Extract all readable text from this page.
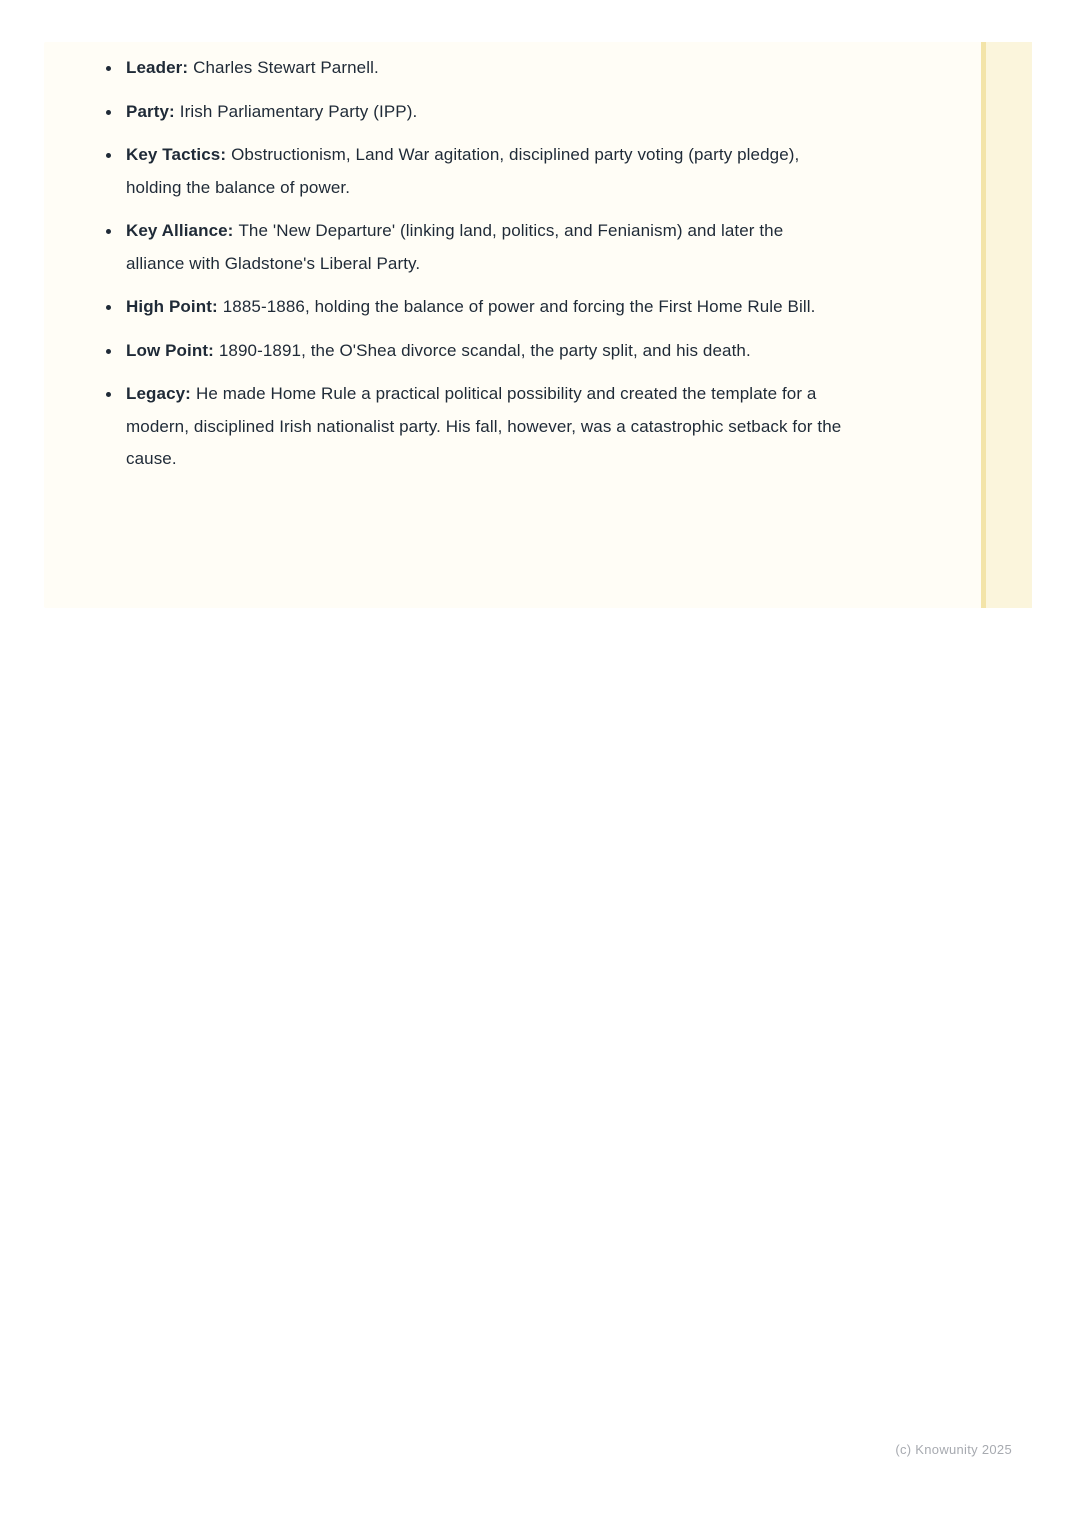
Leader: Charles Stewart Parnell.

Party: Irish Parliamentary Party (IPP).

Key Tactics: Obstructionism, Land War agitation, disciplined party voting (party pledge), holding the balance of power.

Key Alliance: The 'New Departure' (linking land, politics, and Fenianism) and later the alliance with Gladstone's Liberal Party.

High Point: 1885-1886, holding the balance of power and forcing the First Home Rule Bill.

Low Point: 1890-1891, the O'Shea divorce scandal, the party split, and his death.

Legacy: He made Home Rule a practical political possibility and created the template for a modern, disciplined Irish nationalist party. His fall, however, was a catastrophic setback for the cause.

(c) Knowunity 2025
